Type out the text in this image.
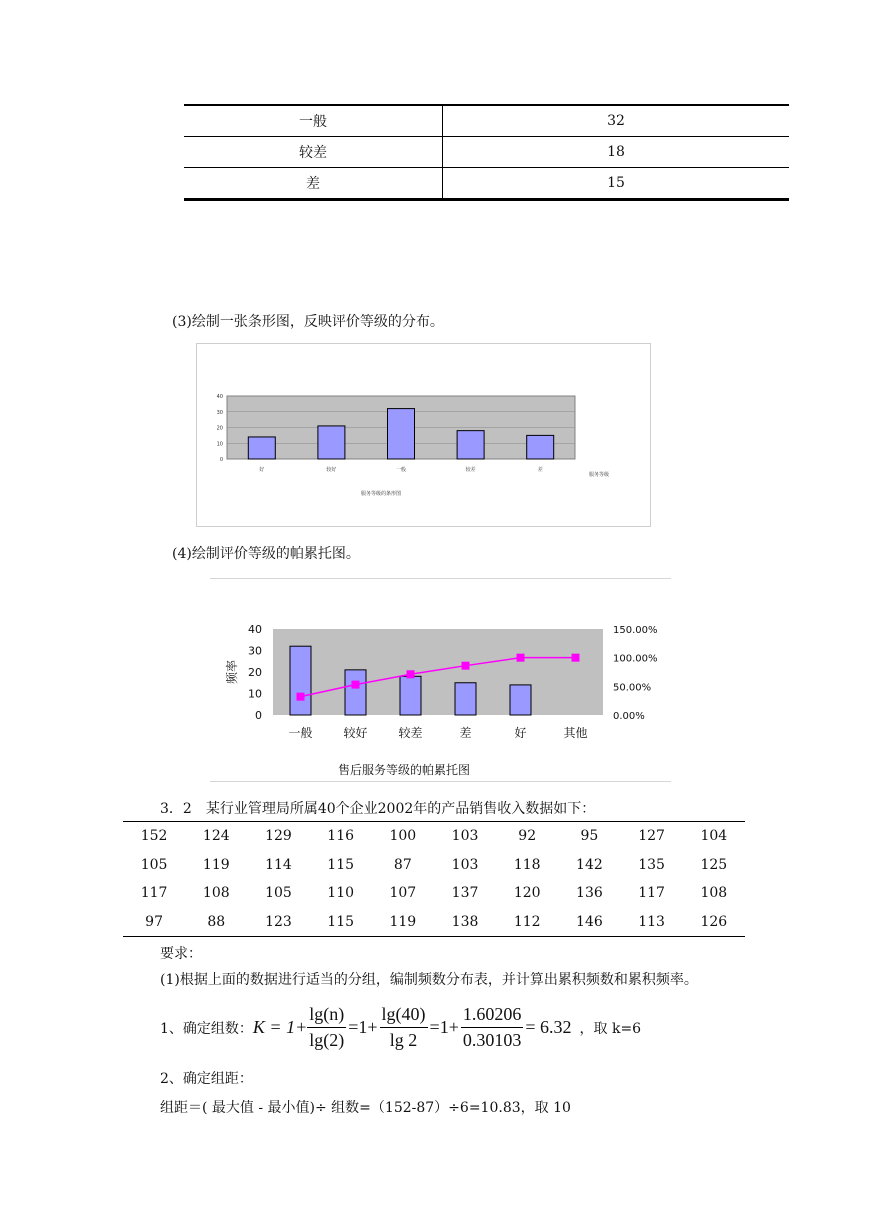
一般	32
较差	18
差	15
(3)绘制一张条形图，反映评价等级的分布。
0
10
20
30
40
好	较好	一般	较差	差
服务等级
服务等级的条形图
(4)绘制评价等级的帕累托图。
0
10
20
30
40
0.00%
50.00%
100.00%
150.00%
频率
一般	较好	较差	差	好	其他
售后服务等级的帕累托图
3．2　某行业管理局所属40个企业2002年的产品销售收入数据如下：
152	124	129	116	100	103	92	95	127	104
105	119	114	115	87	103	118	142	135	125
117	108	105	110	107	137	120	136	117	108
97	88	123	115	119	138	112	146	113	126
要求：
(1)根据上面的数据进行适当的分组，编制频数分布表，并计算出累积频数和累积频率。
1、确定组数： $K = 1+ \frac{\lg(n)}{\lg(2)} =1+ \frac{\lg(40)}{\lg 2} =1+ \frac{1.60206}{0.30103} = 6.32$ ，取 k=6
2、确定组距：
组距＝( 最大值 - 最小值)÷ 组数=（152-87）÷6=10.83，取 10
